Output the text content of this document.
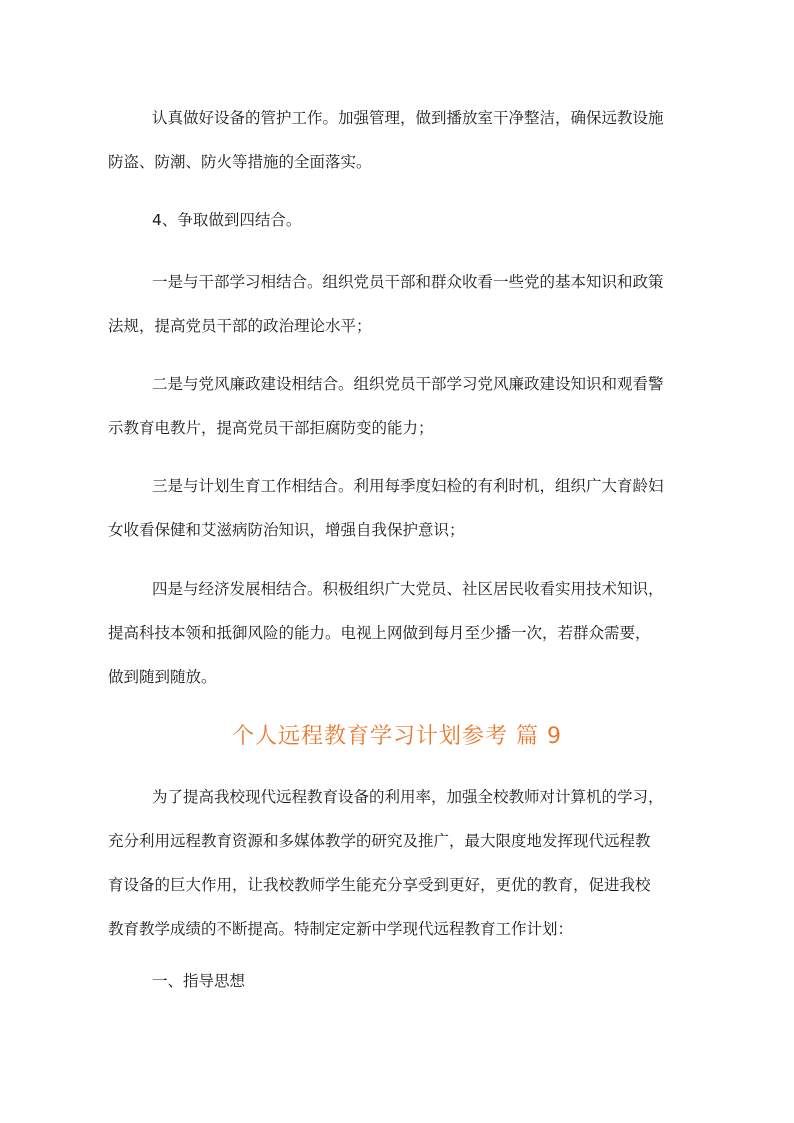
认真做好设备的管护工作。加强管理，做到播放室干净整洁，确保远教设施
防盗、防潮、防火等措施的全面落实。
4、争取做到四结合。
一是与干部学习相结合。组织党员干部和群众收看一些党的基本知识和政策
法规，提高党员干部的政治理论水平；
二是与党风廉政建设相结合。组织党员干部学习党风廉政建设知识和观看警
示教育电教片，提高党员干部拒腐防变的能力；
三是与计划生育工作相结合。利用每季度妇检的有利时机，组织广大育龄妇
女收看保健和艾滋病防治知识，增强自我保护意识；
四是与经济发展相结合。积极组织广大党员、社区居民收看实用技术知识，
提高科技本领和抵御风险的能力。电视上网做到每月至少播一次，若群众需要，
做到随到随放。
个人远程教育学习计划参考 篇 9
为了提高我校现代远程教育设备的利用率，加强全校教师对计算机的学习，
充分利用远程教育资源和多媒体教学的研究及推广，最大限度地发挥现代远程教
育设备的巨大作用，让我校教师学生能充分享受到更好，更优的教育，促进我校
教育教学成绩的不断提高。特制定定新中学现代远程教育工作计划：
一、指导思想
